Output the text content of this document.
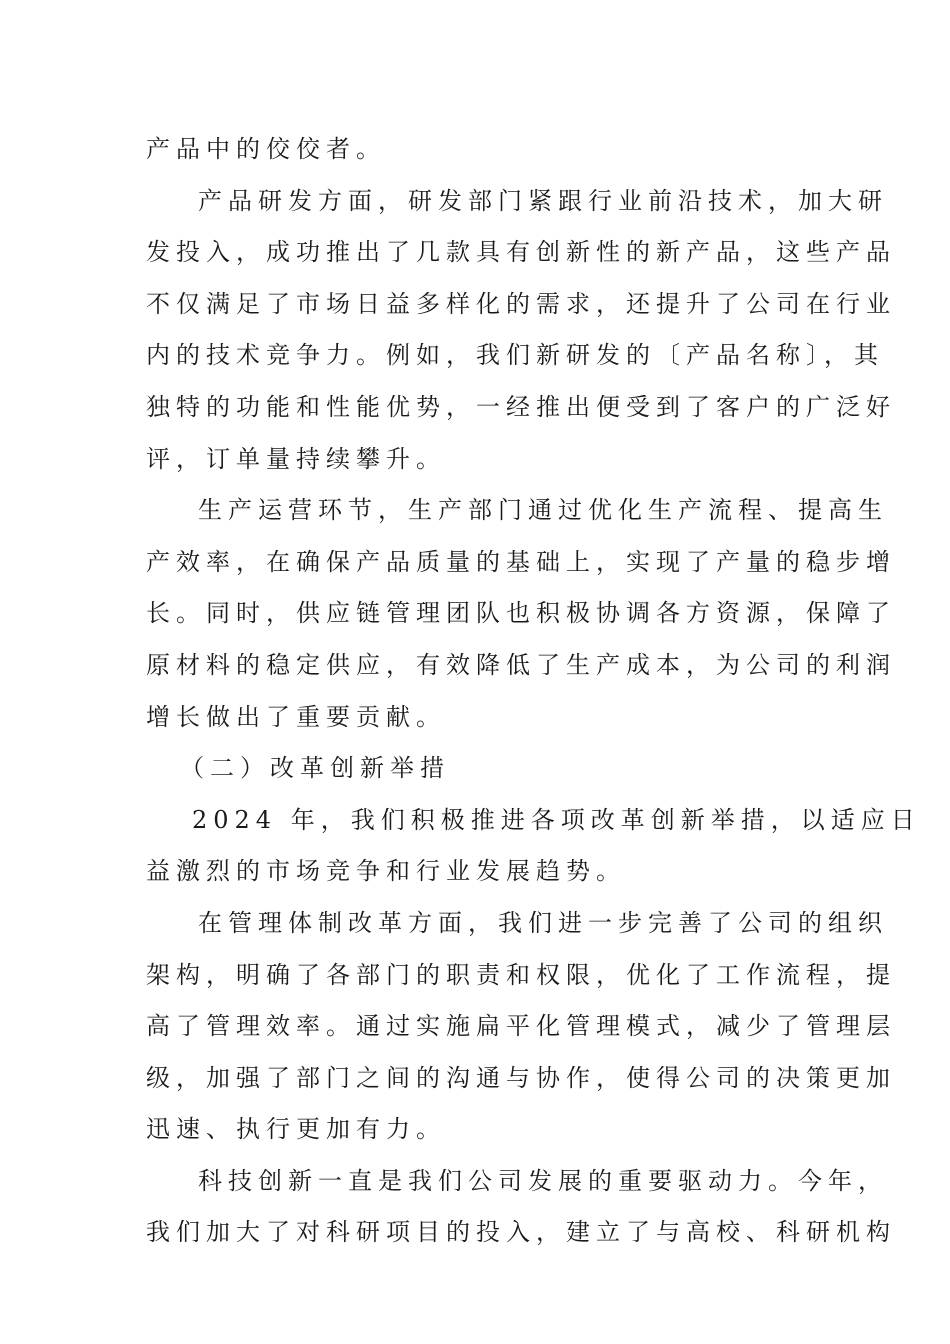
产品中的佼佼者。
产品研发方面，研发部门紧跟行业前沿技术，加大研
发投入，成功推出了几款具有创新性的新产品，这些产品
不仅满足了市场日益多样化的需求，还提升了公司在行业
内的技术竞争力。例如，我们新研发的〔产品名称〕，其
独特的功能和性能优势，一经推出便受到了客户的广泛好
评，订单量持续攀升。
生产运营环节，生产部门通过优化生产流程、提高生
产效率，在确保产品质量的基础上，实现了产量的稳步增
长。同时，供应链管理团队也积极协调各方资源，保障了
原材料的稳定供应，有效降低了生产成本，为公司的利润
增长做出了重要贡献。
（二）改革创新举措
2024 年，我们积极推进各项改革创新举措，以适应日
益激烈的市场竞争和行业发展趋势。
在管理体制改革方面，我们进一步完善了公司的组织
架构，明确了各部门的职责和权限，优化了工作流程，提
高了管理效率。通过实施扁平化管理模式，减少了管理层
级，加强了部门之间的沟通与协作，使得公司的决策更加
迅速、执行更加有力。
科技创新一直是我们公司发展的重要驱动力。今年，
我们加大了对科研项目的投入，建立了与高校、科研机构
